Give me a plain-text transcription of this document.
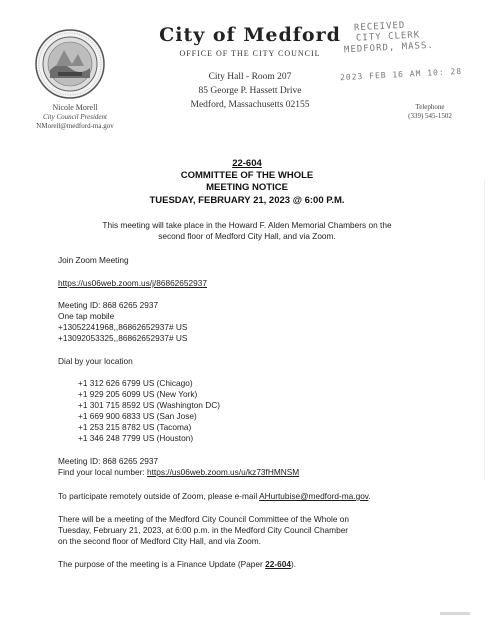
City of Medford
OFFICE OF THE CITY COUNCIL
City Hall - Room 207
85 George P. Hassett Drive
Medford, Massachusetts 02155
RECEIVED
CITY CLERK
MEDFORD, MASS.
2023 FEB 16 AM 10: 28
Nicole Morell
City Council President
NMorell@medford-ma.gov
Telephone
(339) 545-1502
22-604
COMMITTEE OF THE WHOLE
MEETING NOTICE
TUESDAY, FEBRUARY 21, 2023 @ 6:00 P.M.
This meeting will take place in the Howard F. Alden Memorial Chambers on the
second floor of Medford City Hall, and via Zoom.
Join Zoom Meeting
https://us06web.zoom.us/j/86862652937
Meeting ID: 868 6265 2937
One tap mobile
+13052241968,,86862652937# US
+13092053325,,86862652937# US
Dial by your location
+1 312 626 6799 US (Chicago)
+1 929 205 6099 US (New York)
+1 301 715 8592 US (Washington DC)
+1 669 900 6833 US (San Jose)
+1 253 215 8782 US (Tacoma)
+1 346 248 7799 US (Houston)
Meeting ID: 868 6265 2937
Find your local number: https://us06web.zoom.us/u/kz73fHMNSM
To participate remotely outside of Zoom, please e-mail AHurtubise@medford-ma.gov.
There will be a meeting of the Medford City Council Committee of the Whole on
Tuesday, February 21, 2023, at 6:00 p.m. in the Medford City Council Chamber
on the second floor of Medford City Hall, and via Zoom.
The purpose of the meeting is a Finance Update (Paper 22-604).
